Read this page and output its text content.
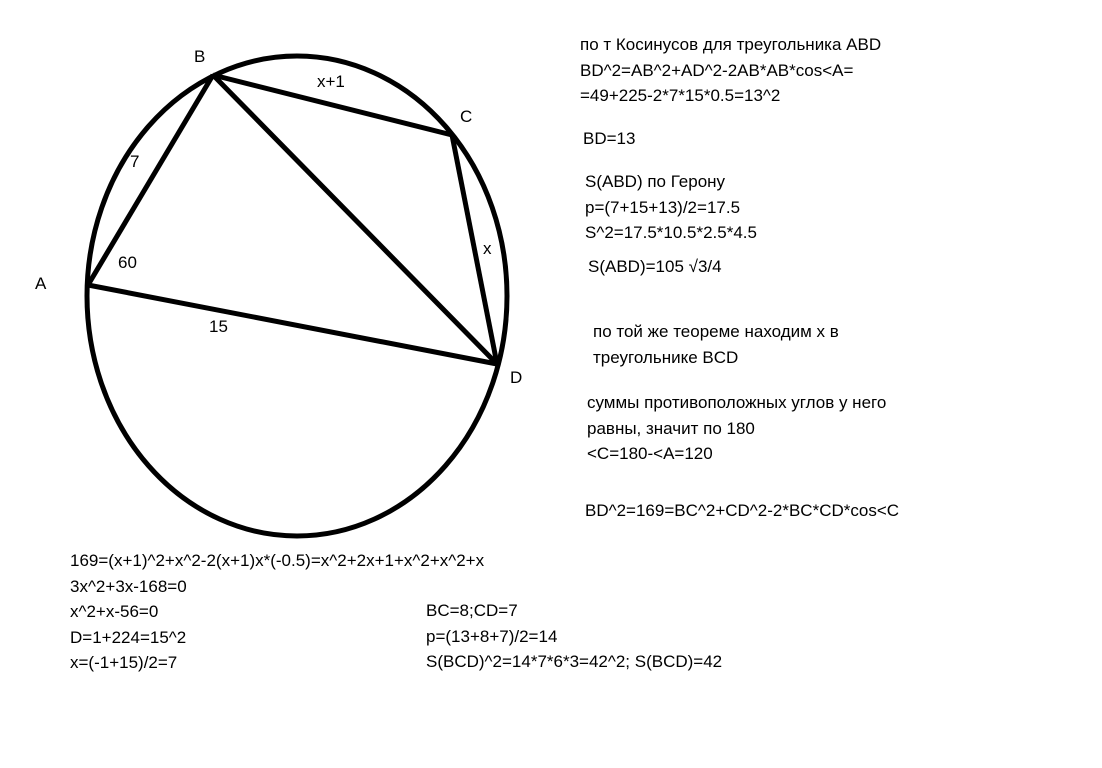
A
B
C
D
7
x+1
x
15
60
по т Косинусов для треугольника ABD
BD^2=AB^2+AD^2-2AB*AB*cos<A=
=49+225-2*7*15*0.5=13^2
BD=13
S(ABD) по Герону
p=(7+15+13)/2=17.5
S^2=17.5*10.5*2.5*4.5
S(ABD)=105 √3/4
по той же теореме находим x в
треугольнике BCD
суммы противоположных углов у него
равны, значит по 180
<C=180-<A=120
BD^2=169=BC^2+CD^2-2*BC*CD*cos<C
169=(x+1)^2+x^2-2(x+1)x*(-0.5)=x^2+2x+1+x^2+x^2+x
3x^2+3x-168=0
x^2+x-56=0
D=1+224=15^2
x=(-1+15)/2=7
BC=8;CD=7
p=(13+8+7)/2=14
S(BCD)^2=14*7*6*3=42^2; S(BCD)=42
